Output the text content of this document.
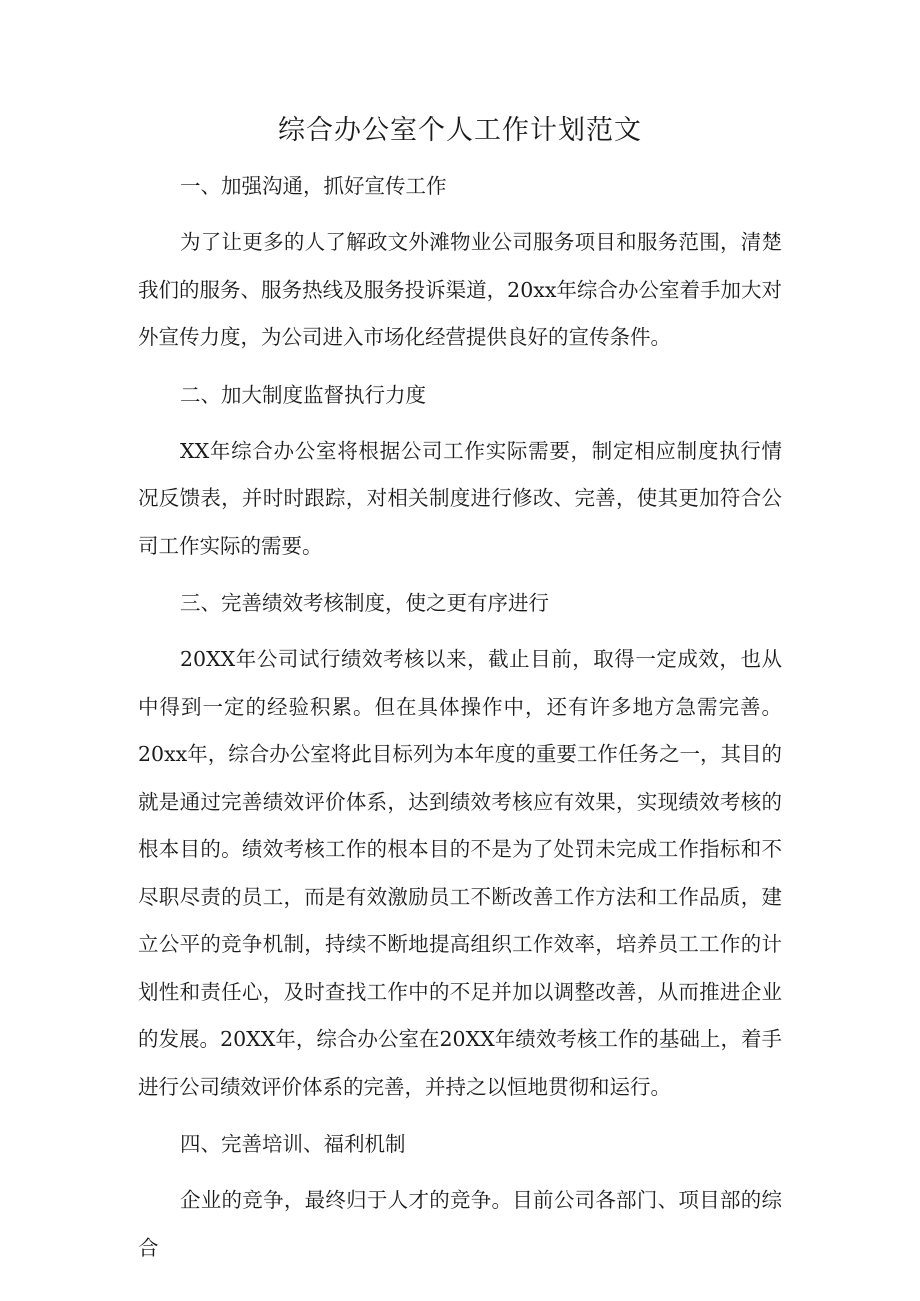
综合办公室个人工作计划范文
一、加强沟通，抓好宣传工作

为了让更多的人了解政文外滩物业公司服务项目和服务范围，清楚我们的服务、服务热线及服务投诉渠道，20xx年综合办公室着手加大对外宣传力度，为公司进入市场化经营提供良好的宣传条件。

二、加大制度监督执行力度

XX年综合办公室将根据公司工作实际需要，制定相应制度执行情况反馈表，并时时跟踪，对相关制度进行修改、完善，使其更加符合公司工作实际的需要。

三、完善绩效考核制度，使之更有序进行

20XX年公司试行绩效考核以来，截止目前，取得一定成效，也从中得到一定的经验积累。但在具体操作中，还有许多地方急需完善。20xx年，综合办公室将此目标列为本年度的重要工作任务之一，其目的就是通过完善绩效评价体系，达到绩效考核应有效果，实现绩效考核的根本目的。绩效考核工作的根本目的不是为了处罚未完成工作指标和不尽职尽责的员工，而是有效激励员工不断改善工作方法和工作品质，建立公平的竞争机制，持续不断地提高组织工作效率，培养员工工作的计划性和责任心，及时查找工作中的不足并加以调整改善，从而推进企业的发展。20XX年，综合办公室在20XX年绩效考核工作的基础上，着手进行公司绩效评价体系的完善，并持之以恒地贯彻和运行。

四、完善培训、福利机制

企业的竞争，最终归于人才的竞争。目前公司各部门、项目部的综合
